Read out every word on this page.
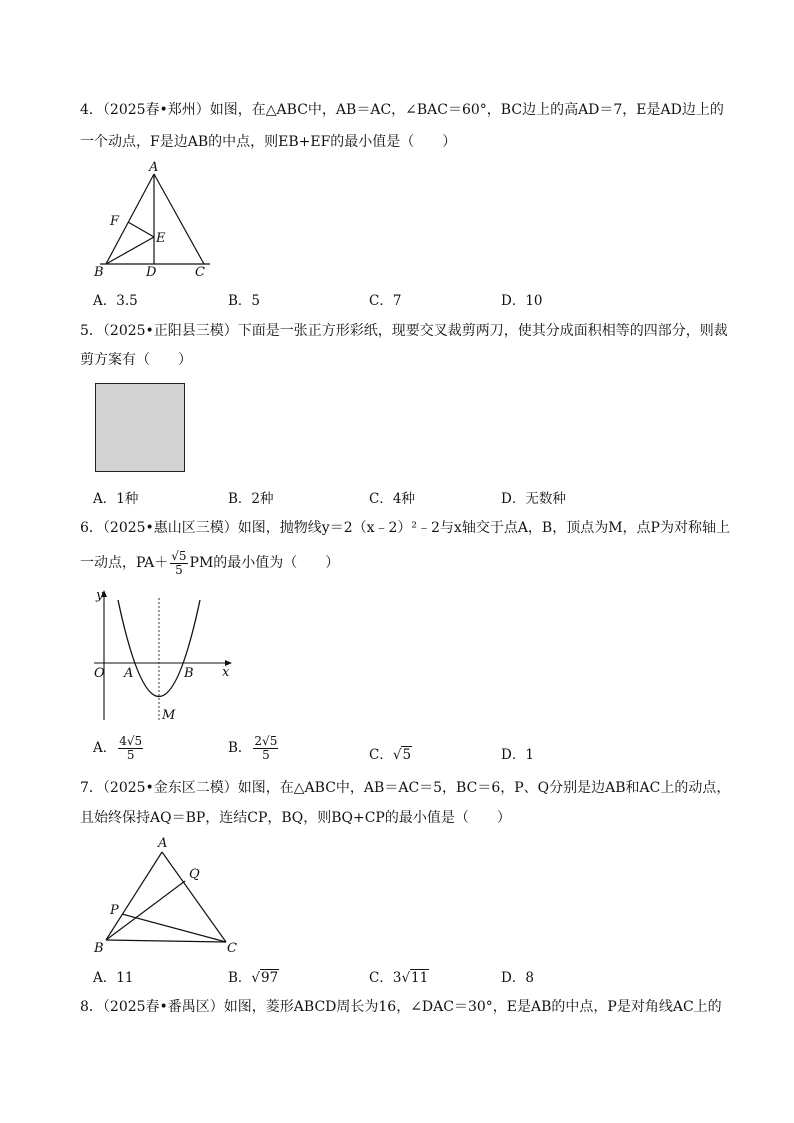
4．（2025春•郑州）如图，在△ABC中，AB＝AC，∠BAC＝60°，BC边上的高AD＝7，E是AD边上的
一个动点，F是边AB的中点，则EB+EF的最小值是（　　）
A
B	C
D
E
F
A．3.5	B．5	C．7	D．10
5．（2025•正阳县三模）下面是一张正方形彩纸，现要交叉裁剪两刀，使其分成面积相等的四部分，则裁
剪方案有（　　）
A．1种	B．2种	C．4种	D．无数种
6．（2025•惠山区三模）如图，抛物线y＝2（x﹣2）²﹣2与x轴交于点A，B，顶点为M，点P为对称轴上
一动点，$PA+ \frac{√5}{5}$ PM的最小值为（　　）
y
x
O A	B
M
A． $\frac{4√5}{5}$	B． $\frac{2√5}{5}$	C．√5	D．1
7．（2025•金东区二模）如图，在△ABC中，AB＝AC＝5，BC＝6，P、Q分别是边AB和AC上的动点，
且始终保持AQ＝BP，连结CP，BQ，则BQ+CP的最小值是（　　）
A
B	C
P
Q
A．11	B．√97	C．3√11	D．8
8．（2025春•番禺区）如图，菱形ABCD周长为16，∠DAC＝30°，E是AB的中点，P是对角线AC上的
